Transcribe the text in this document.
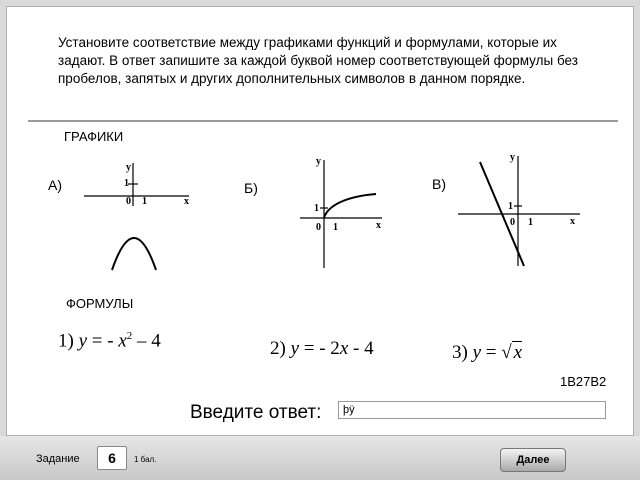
Установите соответствие между графиками функций и формулами, которые их задают. В ответ запишите за каждой буквой номер соответствующей формулы без пробелов, запятых и других дополнительных символов в данном порядке.
ГРАФИКИ
А)	Б)	В)
y
1
0 1	x
y
1
0 1	x
y
1
0 1	x
ФОРМУЛЫ
1) y = - $x^2 - 4$	2) y = - 2x - 4	3) y = √ x
1B27B2
Введите ответ:
þÿ
Задание	6	1 бал.	Далее
